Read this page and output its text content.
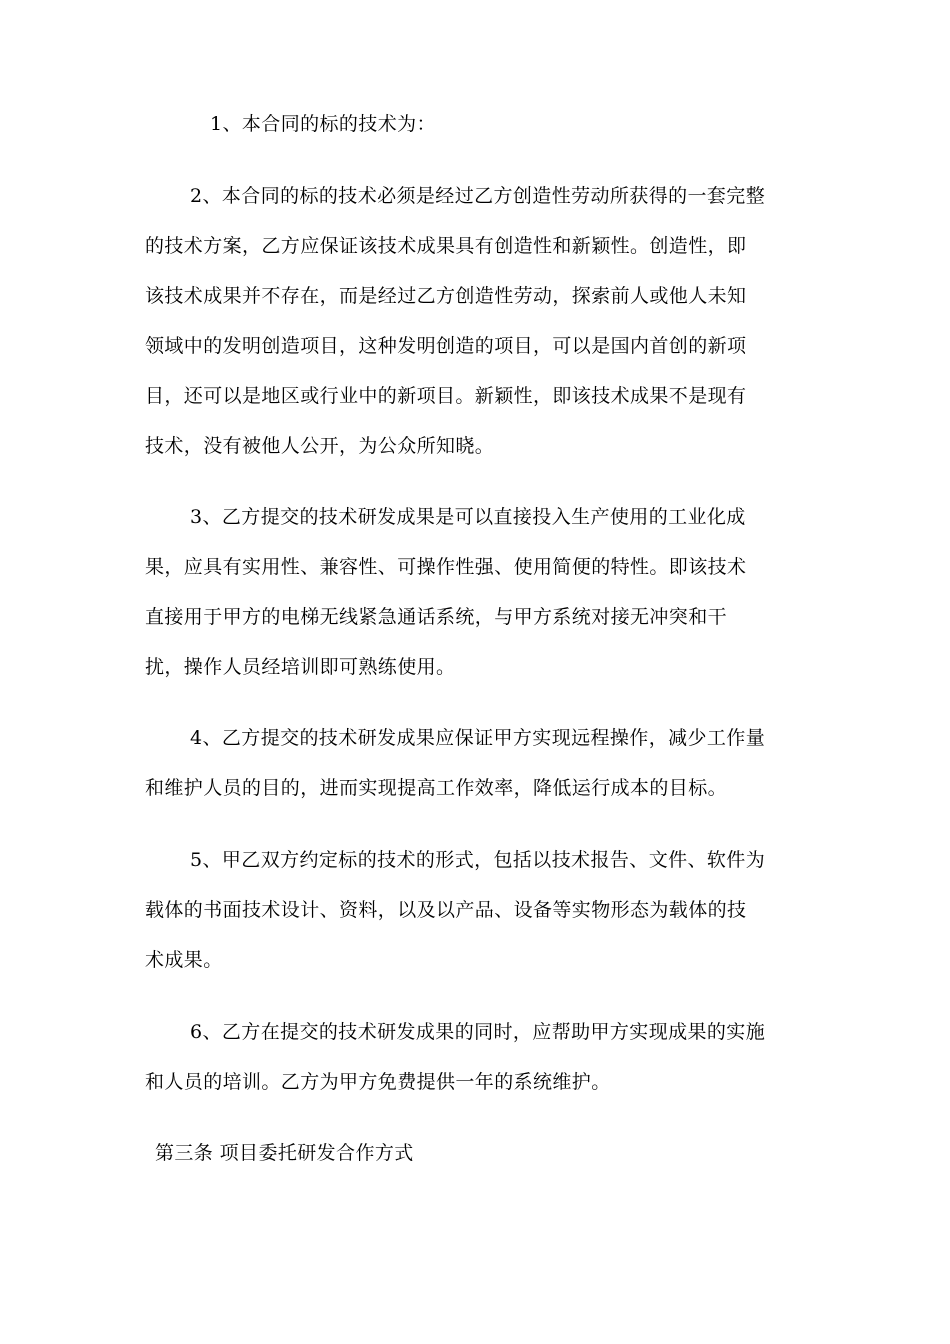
1、本合同的标的技术为：
2、本合同的标的技术必须是经过乙方创造性劳动所获得的一套完整
的技术方案，乙方应保证该技术成果具有创造性和新颖性。创造性，即
该技术成果并不存在，而是经过乙方创造性劳动，探索前人或他人未知
领域中的发明创造项目，这种发明创造的项目，可以是国内首创的新项
目，还可以是地区或行业中的新项目。新颖性，即该技术成果不是现有
技术，没有被他人公开，为公众所知晓。
3、乙方提交的技术研发成果是可以直接投入生产使用的工业化成
果，应具有实用性、兼容性、可操作性强、使用简便的特性。即该技术
直接用于甲方的电梯无线紧急通话系统，与甲方系统对接无冲突和干
扰，操作人员经培训即可熟练使用。
4、乙方提交的技术研发成果应保证甲方实现远程操作，减少工作量
和维护人员的目的，进而实现提高工作效率，降低运行成本的目标。
5、甲乙双方约定标的技术的形式，包括以技术报告、文件、软件为
载体的书面技术设计、资料，以及以产品、设备等实物形态为载体的技
术成果。
6、乙方在提交的技术研发成果的同时，应帮助甲方实现成果的实施
和人员的培训。乙方为甲方免费提供一年的系统维护。
第三条 项目委托研发合作方式
